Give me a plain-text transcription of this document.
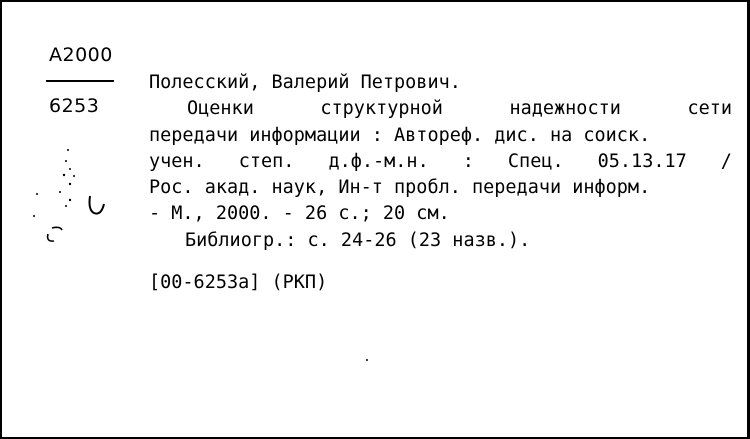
A2000
6253
Полесский, Валерий Петрович.
Оценки	структурной	надежности	сети
передачи информации : Автореф. дис. на соиск.
учен. степ. д.ф.-м.н. : Спец. 05.13.17 /
Рос. акад. наук, Ин-т пробл. передачи информ.
- М., 2000. - 26 с.; 20 см.
Библиогр.: с. 24-26 (23 назв.).
[00-6253a] (РКП)
